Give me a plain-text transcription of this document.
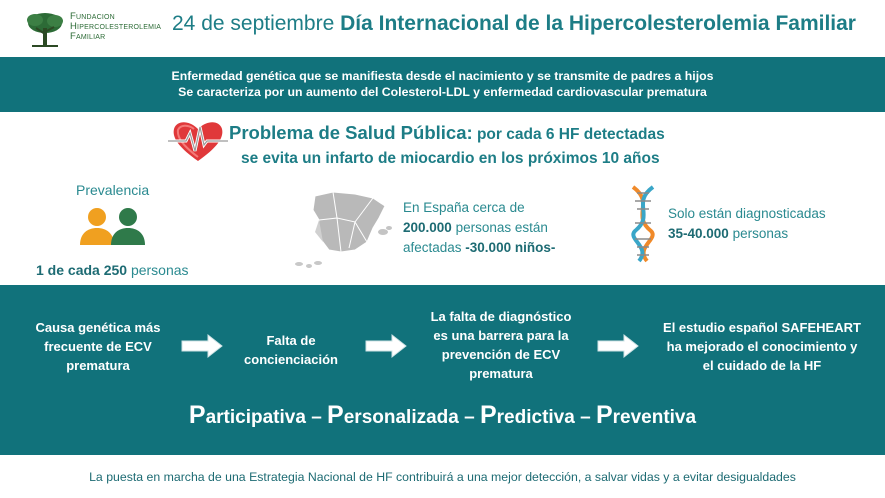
Fundacion
Hipercolesterolemia
Familiar
24 de septiembre Día Internacional de la Hipercolesterolemia Familiar

Enfermedad genética que se manifiesta desde el nacimiento y se transmite de padres a hijos

Se caracteriza por un aumento del Colesterol-LDL y enfermedad cardiovascular prematura

Problema de Salud Pública: por cada 6 HF detectadas
se evita un infarto de miocardio en los próximos 10 años
Prevalencia
1 de cada 250 personas
En España cerca de
200.000 personas están
afectadas -30.000 niños-
Solo están diagnosticadas
35-40.000 personas
Causa genética más
frecuente de ECV
prematura
Falta de
concienciación
La falta de diagnóstico
es una barrera para la
prevención de ECV
prematura
El estudio español SAFEHEART
ha mejorado el conocimiento y
el cuidado de la HF
Participativa – Personalizada – Predictiva – Preventiva
La puesta en marcha de una Estrategia Nacional de HF contribuirá a una mejor detección, a salvar vidas y a evitar desigualdades
